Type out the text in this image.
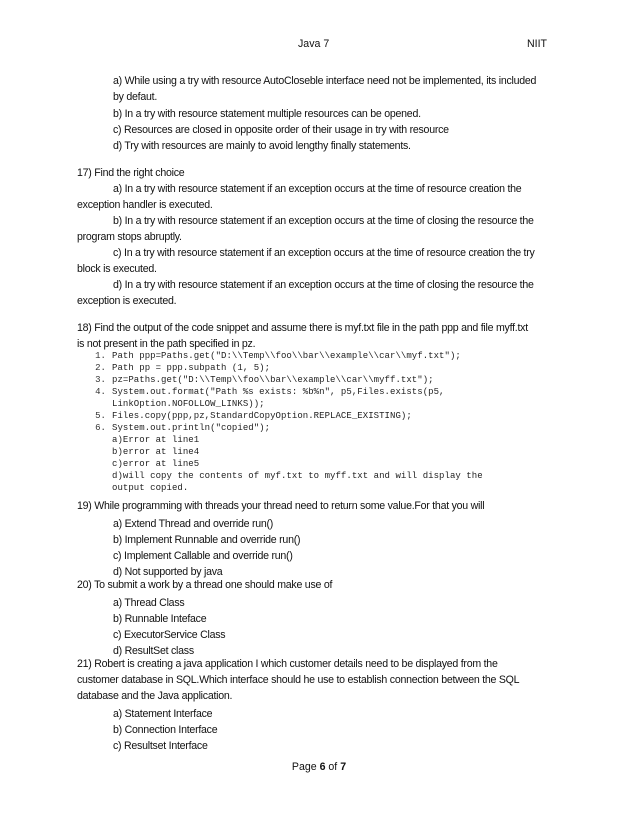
Java 7	NIIT
a) While using a try with resource AutoCloseble interface need not be implemented, its included
by defaut.
b) In a try with resource statement multiple resources can be opened.
c) Resources are closed in opposite order of their usage in try with resource
d) Try with resources are mainly to avoid lengthy finally statements.
17) Find the right choice
a) In a try with resource statement if an exception occurs at the time of resource creation the
exception handler is executed.
b) In a try with resource statement if an exception occurs at the time of closing the resource the
program stops abruptly.
c) In a try with resource statement if an exception occurs at the time of resource creation the try
block is executed.
d) In a try with resource statement if an exception occurs at the time of closing the resource the
exception is executed.
18) Find the output of the code snippet and assume there is myf.txt file in the path ppp and file myff.txt
is not present in the path specified in pz.
1. Path ppp=Paths.get("D:\\Temp\\foo\\bar\\example\\car\\myf.txt");
2. Path pp = ppp.subpath (1, 5);
3. pz=Paths.get("D:\\Temp\\foo\\bar\\example\\car\\myff.txt");
4. System.out.format("Path %s exists: %b%n", p5,Files.exists(p5,
LinkOption.NOFOLLOW_LINKS));
5. Files.copy(ppp,pz,StandardCopyOption.REPLACE_EXISTING);
6. System.out.println("copied");
a)Error at line1
b)error at line4
c)error at line5
d)will copy the contents of myf.txt to myff.txt and will display the
output copied.
19) While programming with threads your thread need to return some value.For that you will
a) Extend Thread and override run()
b) Implement Runnable and override run()
c) Implement Callable and override run()
d) Not supported by java
20) To submit a work by a thread one should make use of
a) Thread Class
b) Runnable Inteface
c) ExecutorService Class
d) ResultSet class
21) Robert is creating a java application I which customer details need to be displayed from the
customer database in SQL.Which interface should he use to establish connection between the SQL
database and the Java application.
a) Statement Interface
b) Connection Interface
c) Resultset Interface
Page 6 of 7
